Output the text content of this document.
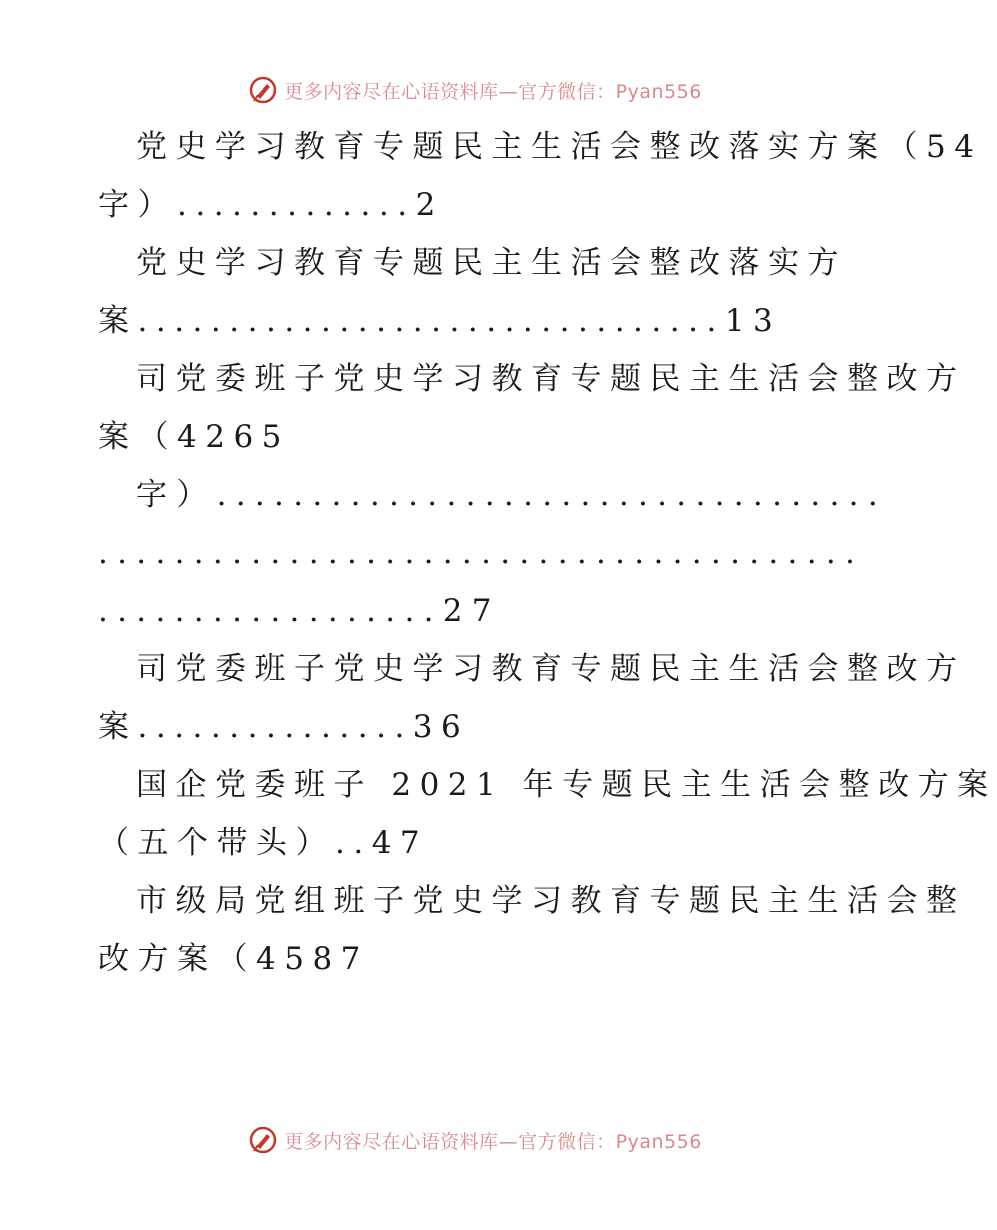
更多内容尽在心语资料库—官方微信：Pyan556
党史学习教育专题民主生活会整改落实方案（54
字）.............2
党史学习教育专题民主生活会整改落实方
案................................13
司党委班子党史学习教育专题民主生活会整改方
案（4265
字）...................................
........................................
..................27
司党委班子党史学习教育专题民主生活会整改方
案...............36
国企党委班子 2021 年专题民主生活会整改方案
（五个带头）..47
市级局党组班子党史学习教育专题民主生活会整
改方案（4587
更多内容尽在心语资料库—官方微信：Pyan556
